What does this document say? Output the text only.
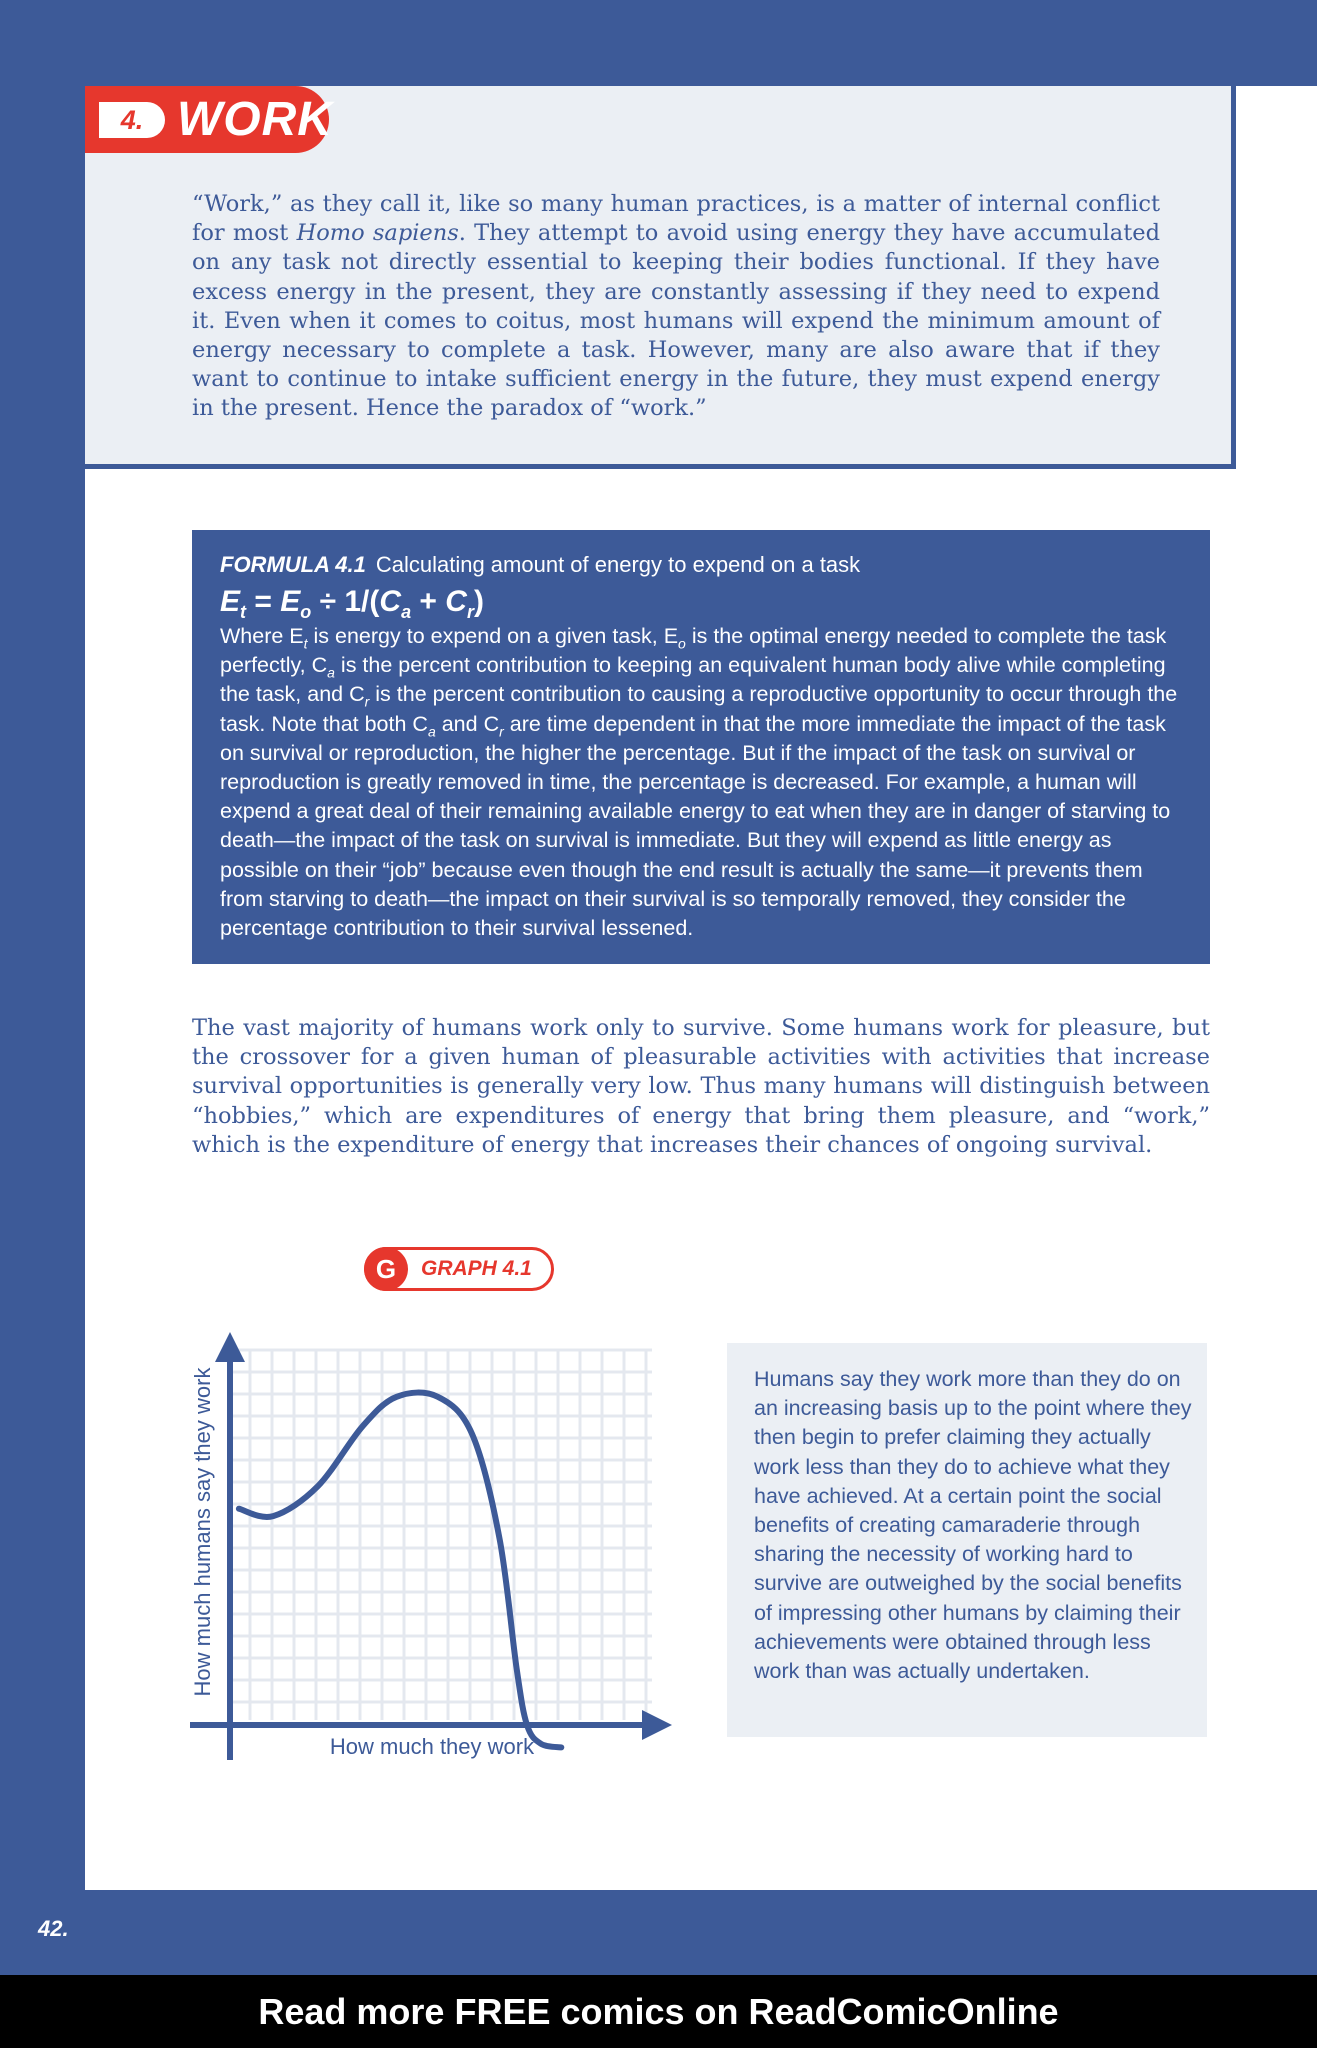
4. WORK

“Work,” as they call it, like so many human practices, is a matter of internal conflict for most Homo sapiens. They attempt to avoid using energy they have accumulated on any task not directly essential to keeping their bodies functional. If they have excess energy in the present, they are constantly assessing if they need to expend it. Even when it comes to coitus, most humans will expend the minimum amount of energy necessary to complete a task. However, many are also aware that if they want to continue to intake sufficient energy in the future, they must expend energy in the present. Hence the paradox of “work.”

FORMULA 4.1 Calculating amount of energy to expend on a task
$E_t = E_o \div 1/(C_a + C_r)$

Where $E_t$ is energy to expend on a given task, $E_o$ is the optimal energy needed to complete the task perfectly, $C_a$ is the percent contribution to keeping an equivalent human body alive while completing the task, and $C_r$ is the percent contribution to causing a reproductive opportunity to occur through the task. Note that both $C_a$ and $C_r$ are time dependent in that the more immediate the impact of the task on survival or reproduction, the higher the percentage. But if the impact of the task on survival or reproduction is greatly removed in time, the percentage is decreased. For example, a human will expend a great deal of their remaining available energy to eat when they are in danger of starving to death—the impact of the task on survival is immediate. But they will expend as little energy as possible on their “job” because even though the end result is actually the same—it prevents them from starving to death—the impact on their survival is so temporally removed, they consider the percentage contribution to their survival lessened.

The vast majority of humans work only to survive. Some humans work for pleasure, but the crossover for a given human of pleasurable activities with activities that increase survival opportunities is generally very low. Thus many humans will distinguish between “hobbies,” which are expenditures of energy that bring them pleasure, and “work,” which is the expenditure of energy that increases their chances of ongoing survival.

G	GRAPH 4.1
How much they work
How much humans say they work	Humans say they work more than they do on an increasing basis up to the point where they then begin to prefer claiming they actually work less than they do to achieve what they have achieved. At a certain point the social benefits of creating camaraderie through sharing the necessity of working hard to survive are outweighed by the social benefits of impressing other humans by claiming their achievements were obtained through less work than was actually undertaken.

42.
Read more FREE comics on ReadComicOnline
